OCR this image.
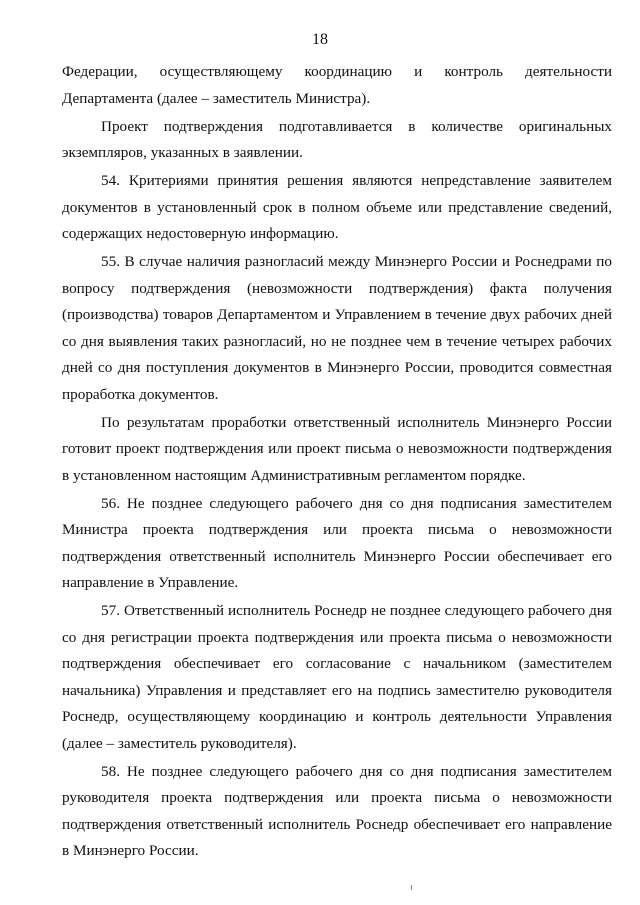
18

Федерации, осуществляющему координацию и контроль деятельности Департамента (далее – заместитель Министра).

Проект подтверждения подготавливается в количестве оригинальных экземпляров, указанных в заявлении.

54. Критериями принятия решения являются непредставление заявителем документов в установленный срок в полном объеме или представление сведений, содержащих недостоверную информацию.

55. В случае наличия разногласий между Минэнерго России и Роснедрами по вопросу подтверждения (невозможности подтверждения) факта получения (производства) товаров Департаментом и Управлением в течение двух рабочих дней со дня выявления таких разногласий, но не позднее чем в течение четырех рабочих дней со дня поступления документов в Минэнерго России, проводится совместная проработка документов.

По результатам проработки ответственный исполнитель Минэнерго России готовит проект подтверждения или проект письма о невозможности подтверждения в установленном настоящим Административным регламентом порядке.

56. Не позднее следующего рабочего дня со дня подписания заместителем Министра проекта подтверждения или проекта письма о невозможности подтверждения ответственный исполнитель Минэнерго России обеспечивает его направление в Управление.

57. Ответственный исполнитель Роснедр не позднее следующего рабочего дня со дня регистрации проекта подтверждения или проекта письма о невозможности подтверждения обеспечивает его согласование с начальником (заместителем начальника) Управления и представляет его на подпись заместителю руководителя Роснедр, осуществляющему координацию и контроль деятельности Управления (далее – заместитель руководителя).

58. Не позднее следующего рабочего дня со дня подписания заместителем руководителя проекта подтверждения или проекта письма о невозможности подтверждения ответственный исполнитель Роснедр обеспечивает его направление в Минэнерго России.
